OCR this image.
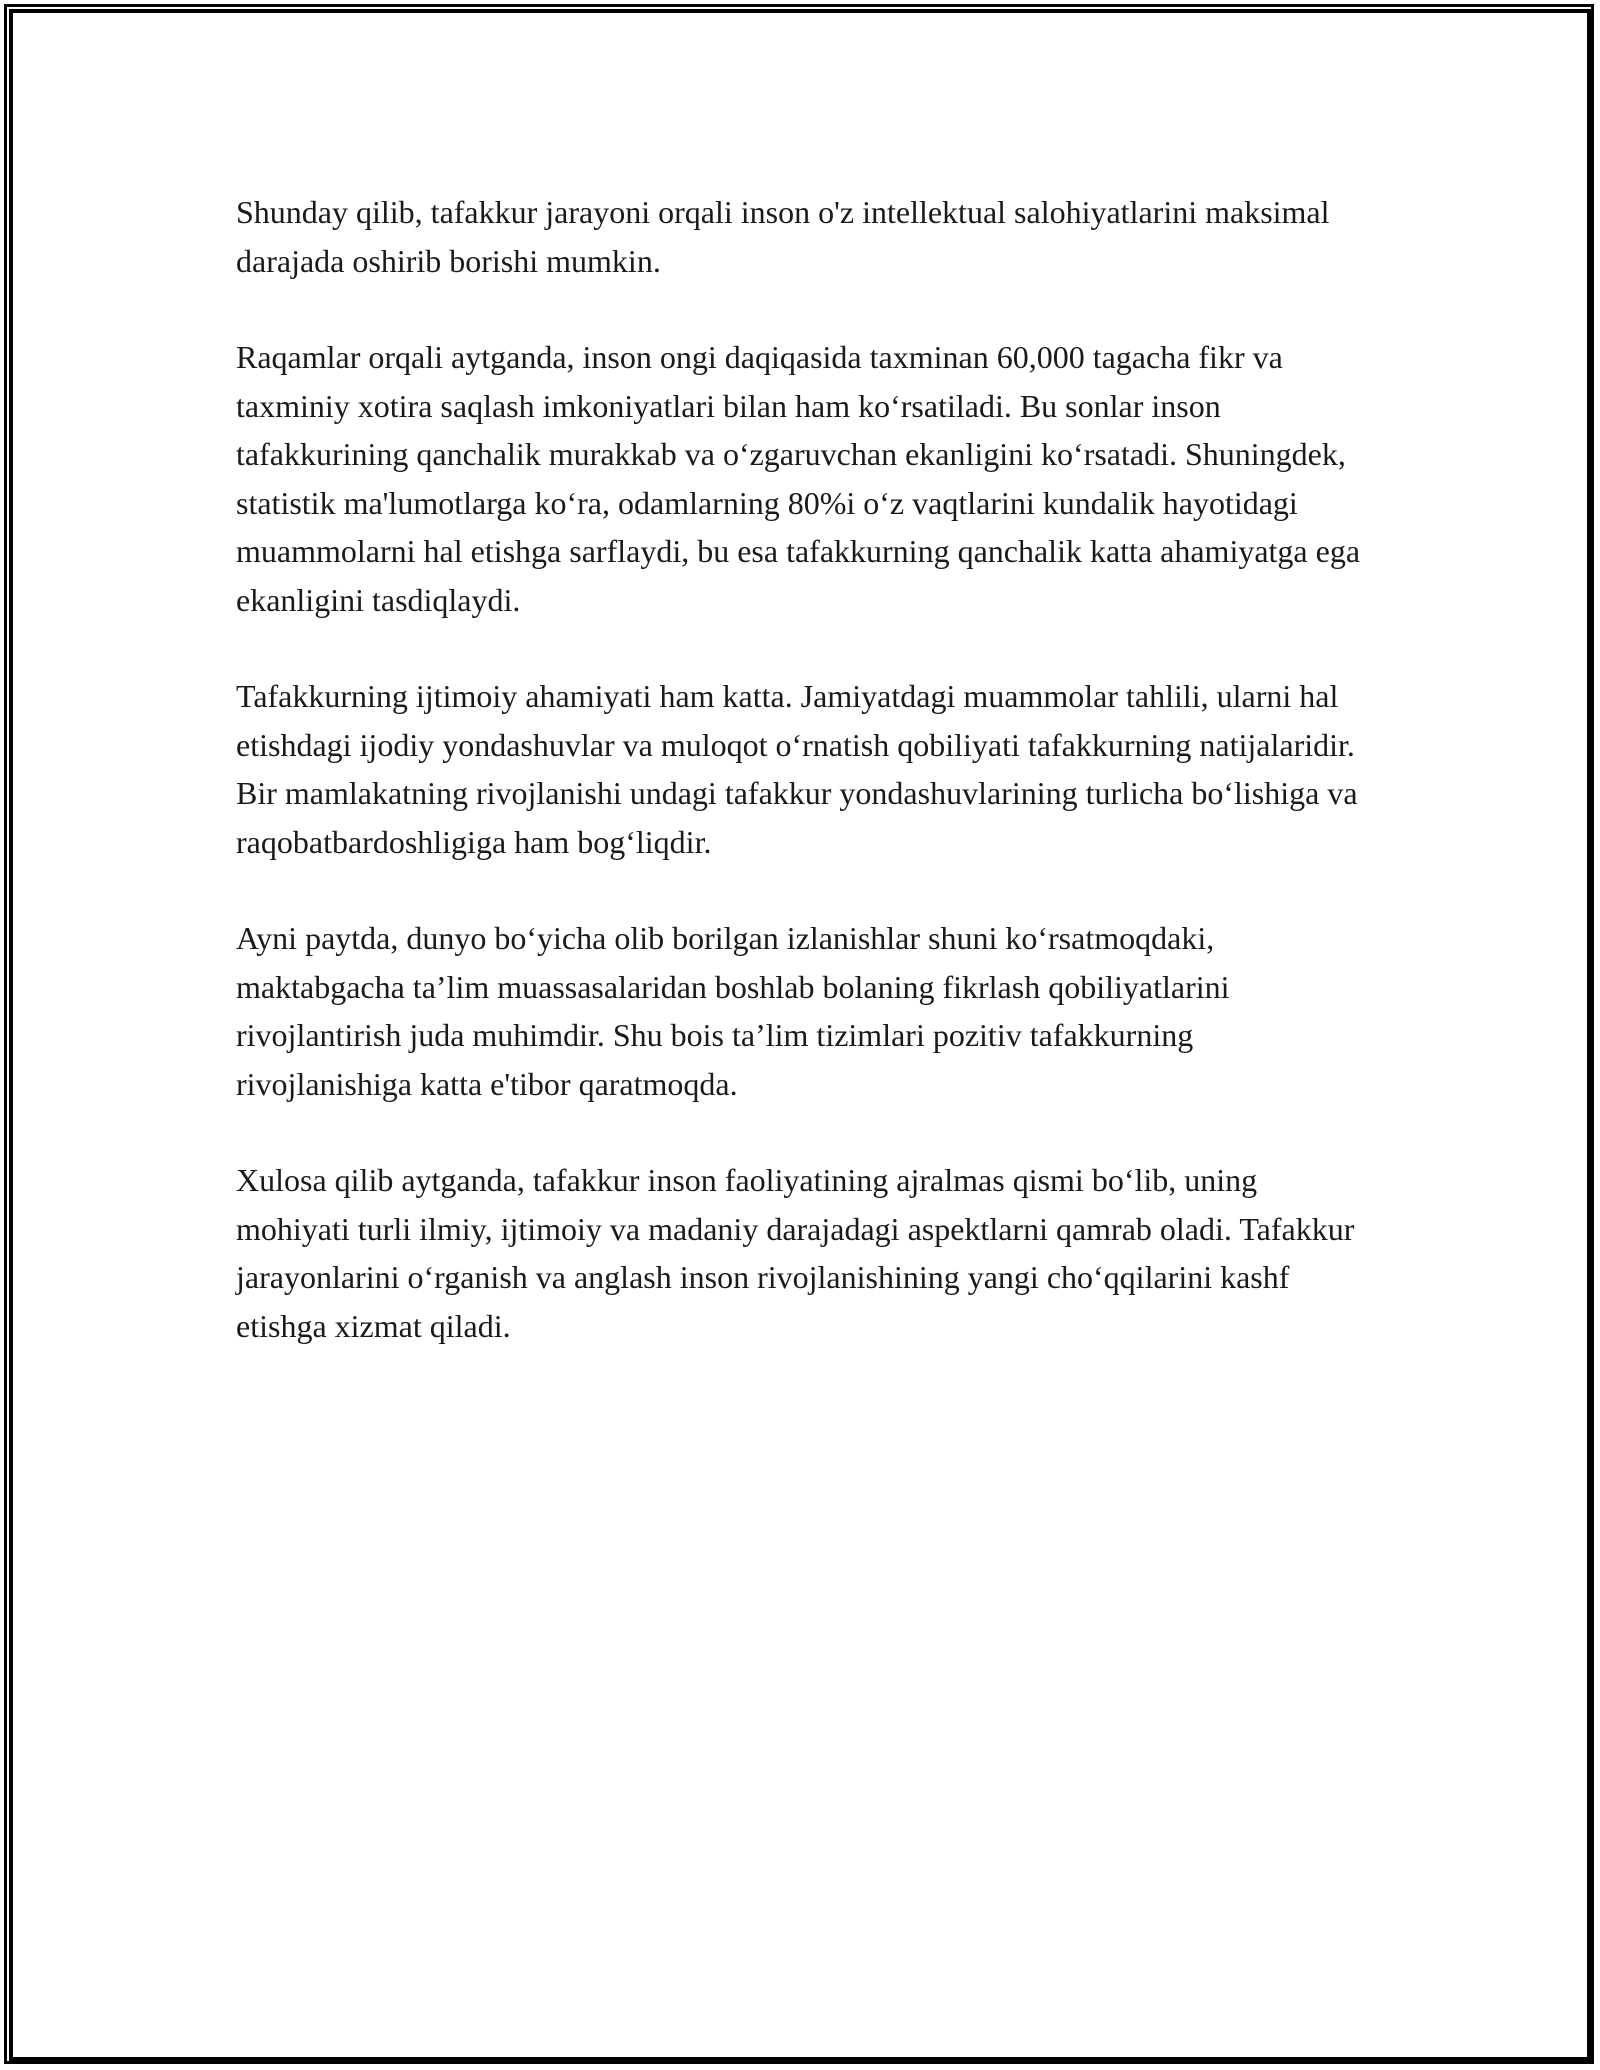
Shunday qilib, tafakkur jarayoni orqali inson o'z intellektual salohiyatlarini maksimal darajada oshirib borishi mumkin.

Raqamlar orqali aytganda, inson ongi daqiqasida taxminan 60,000 tagacha fikr va taxminiy xotira saqlash imkoniyatlari bilan ham ko‘rsatiladi. Bu sonlar inson tafakkurining qanchalik murakkab va o‘zgaruvchan ekanligini ko‘rsatadi. Shuningdek, statistik ma'lumotlarga ko‘ra, odamlarning 80%i o‘z vaqtlarini kundalik hayotidagi muammolarni hal etishga sarflaydi, bu esa tafakkurning qanchalik katta ahamiyatga ega ekanligini tasdiqlaydi.

Tafakkurning ijtimoiy ahamiyati ham katta. Jamiyatdagi muammolar tahlili, ularni hal etishdagi ijodiy yondashuvlar va muloqot o‘rnatish qobiliyati tafakkurning natijalaridir. Bir mamlakatning rivojlanishi undagi tafakkur yondashuvlarining turlicha bo‘lishiga va raqobatbardoshligiga ham bog‘liqdir.

Ayni paytda, dunyo bo‘yicha olib borilgan izlanishlar shuni ko‘rsatmoqdaki, maktabgacha ta’lim muassasalaridan boshlab bolaning fikrlash qobiliyatlarini rivojlantirish juda muhimdir. Shu bois ta’lim tizimlari pozitiv tafakkurning rivojlanishiga katta e'tibor qaratmoqda.

Xulosa qilib aytganda, tafakkur inson faoliyatining ajralmas qismi bo‘lib, uning mohiyati turli ilmiy, ijtimoiy va madaniy darajadagi aspektlarni qamrab oladi. Tafakkur jarayonlarini o‘rganish va anglash inson rivojlanishining yangi cho‘qqilarini kashf etishga xizmat qiladi.
